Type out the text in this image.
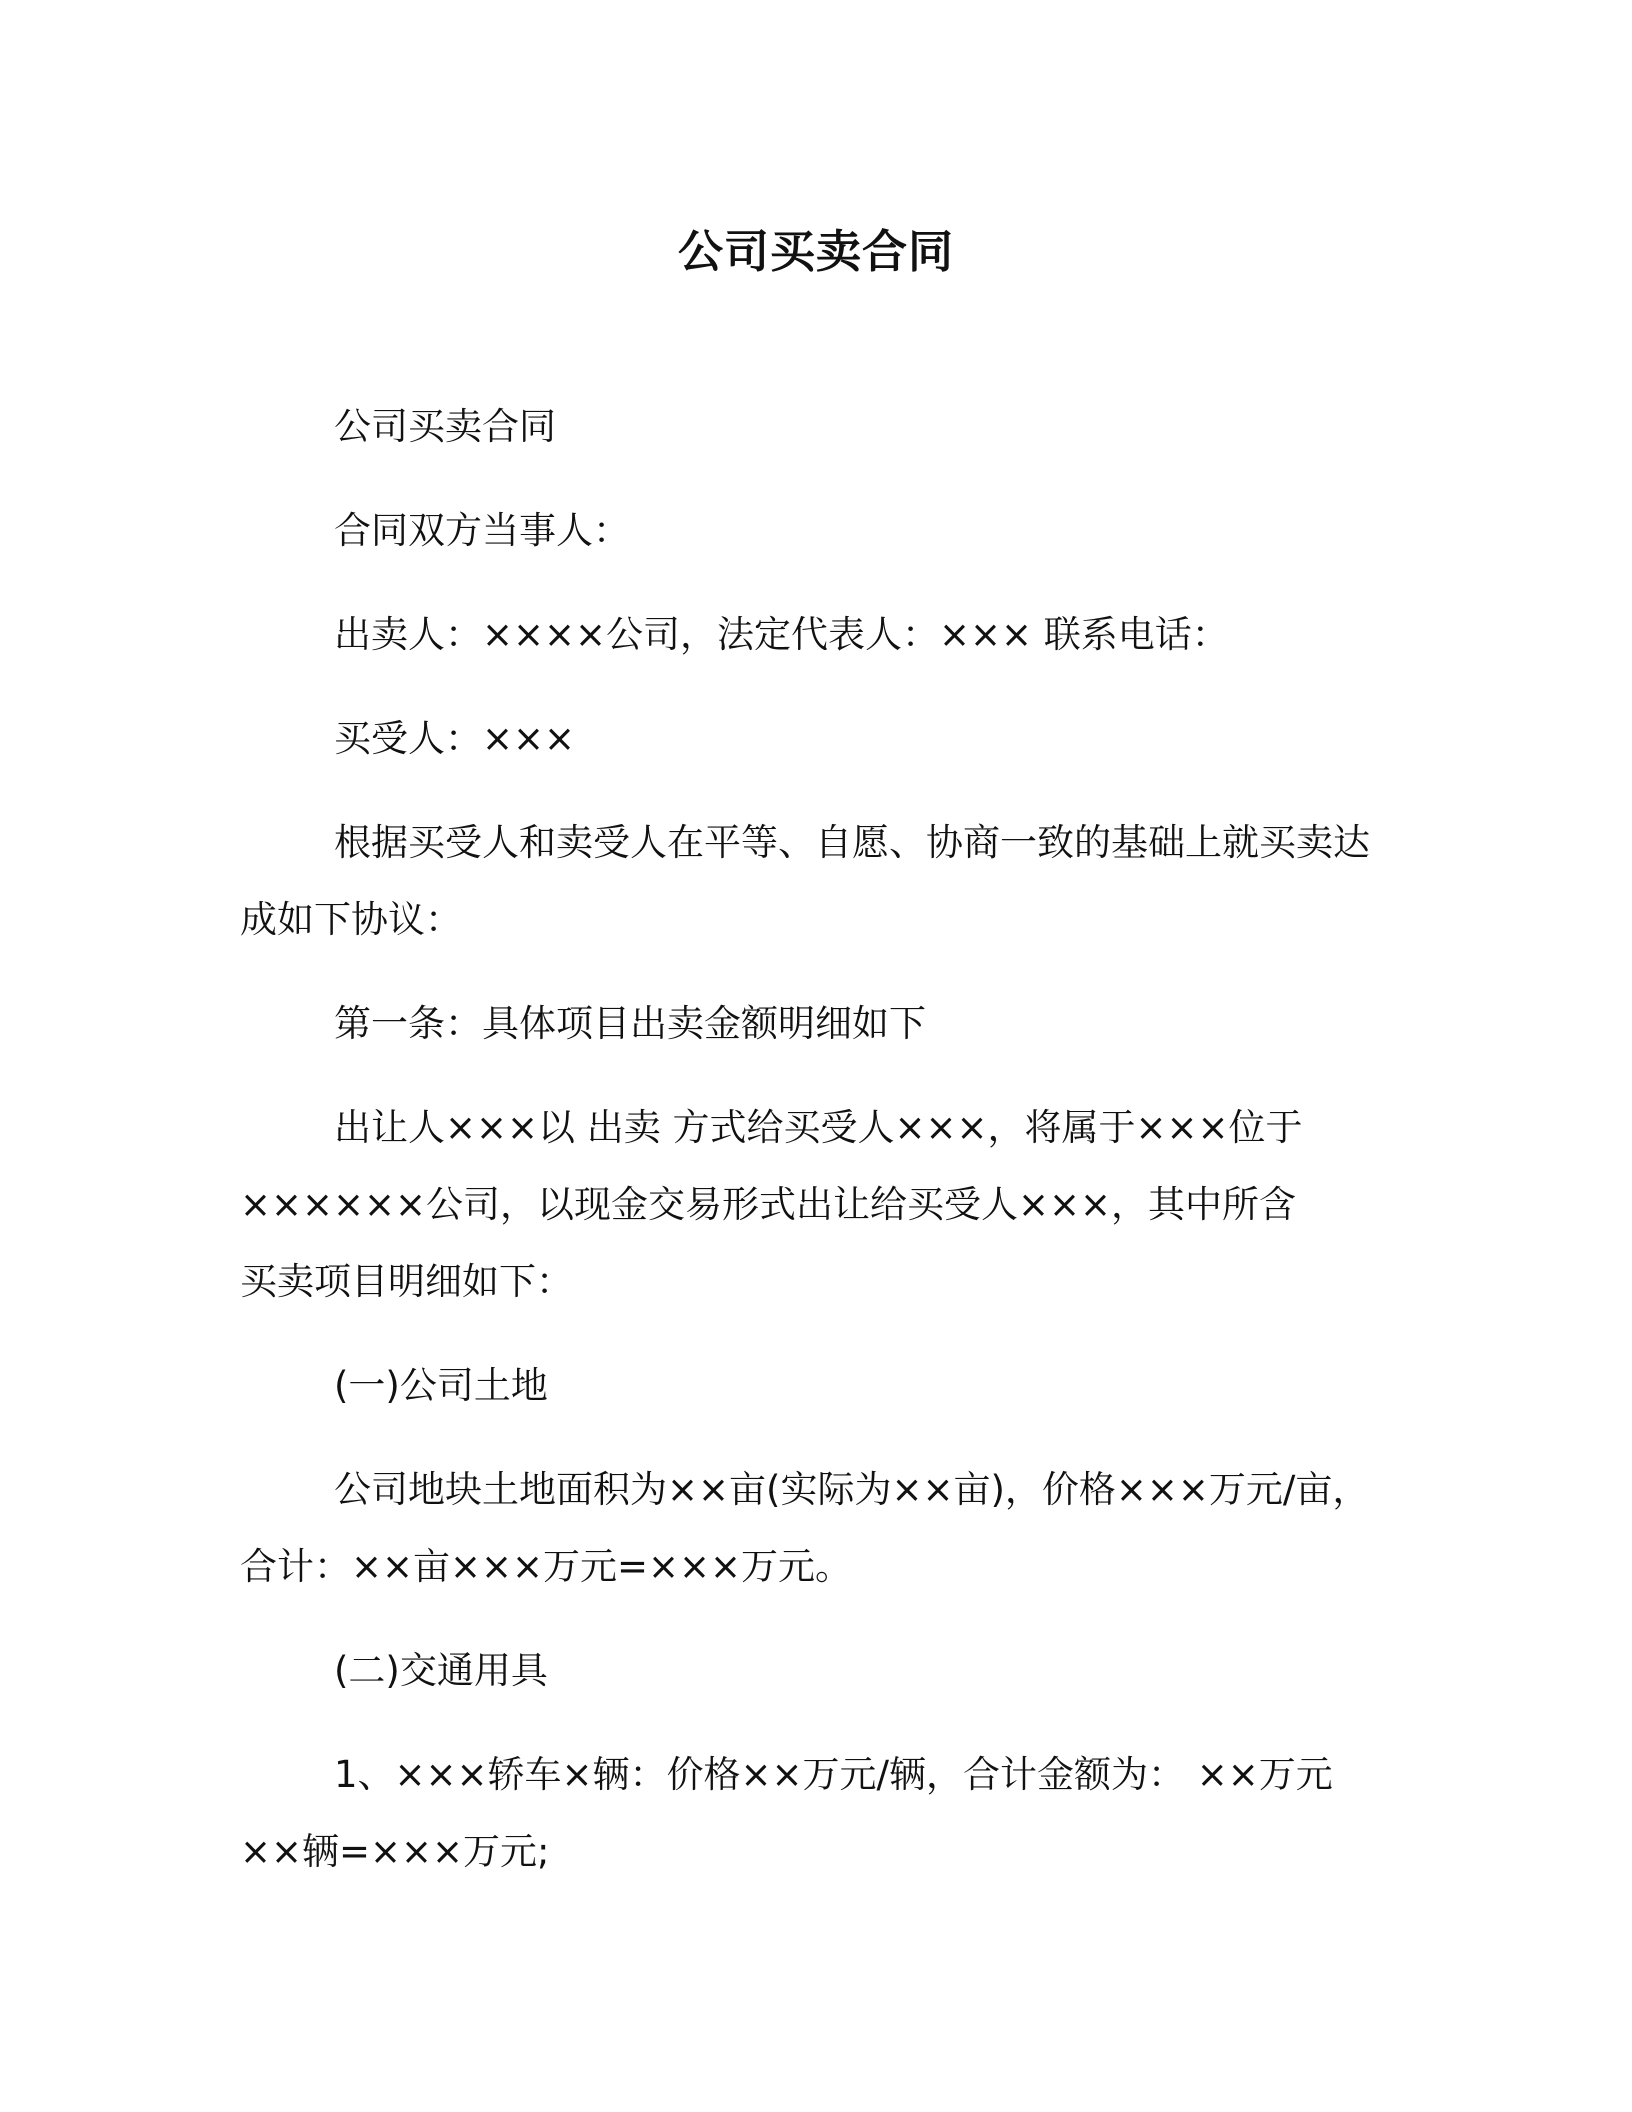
公司买卖合同

公司买卖合同

合同双方当事人：

出卖人：××××公司，法定代表人：××× 联系电话：

买受人：×××

根据买受人和卖受人在平等、自愿、协商一致的基础上就买卖达
成如下协议：

第一条：具体项目出卖金额明细如下

出让人×××以 出卖 方式给买受人×××，将属于×××位于
××××××公司，以现金交易形式出让给买受人×××，其中所含
买卖项目明细如下：

(一)公司土地

公司地块土地面积为××亩(实际为××亩)，价格×××万元/亩，
合计：××亩×××万元=×××万元。

(二)交通用具

1、×××轿车×辆：价格××万元/辆，合计金额为： ××万元
××辆=×××万元;
